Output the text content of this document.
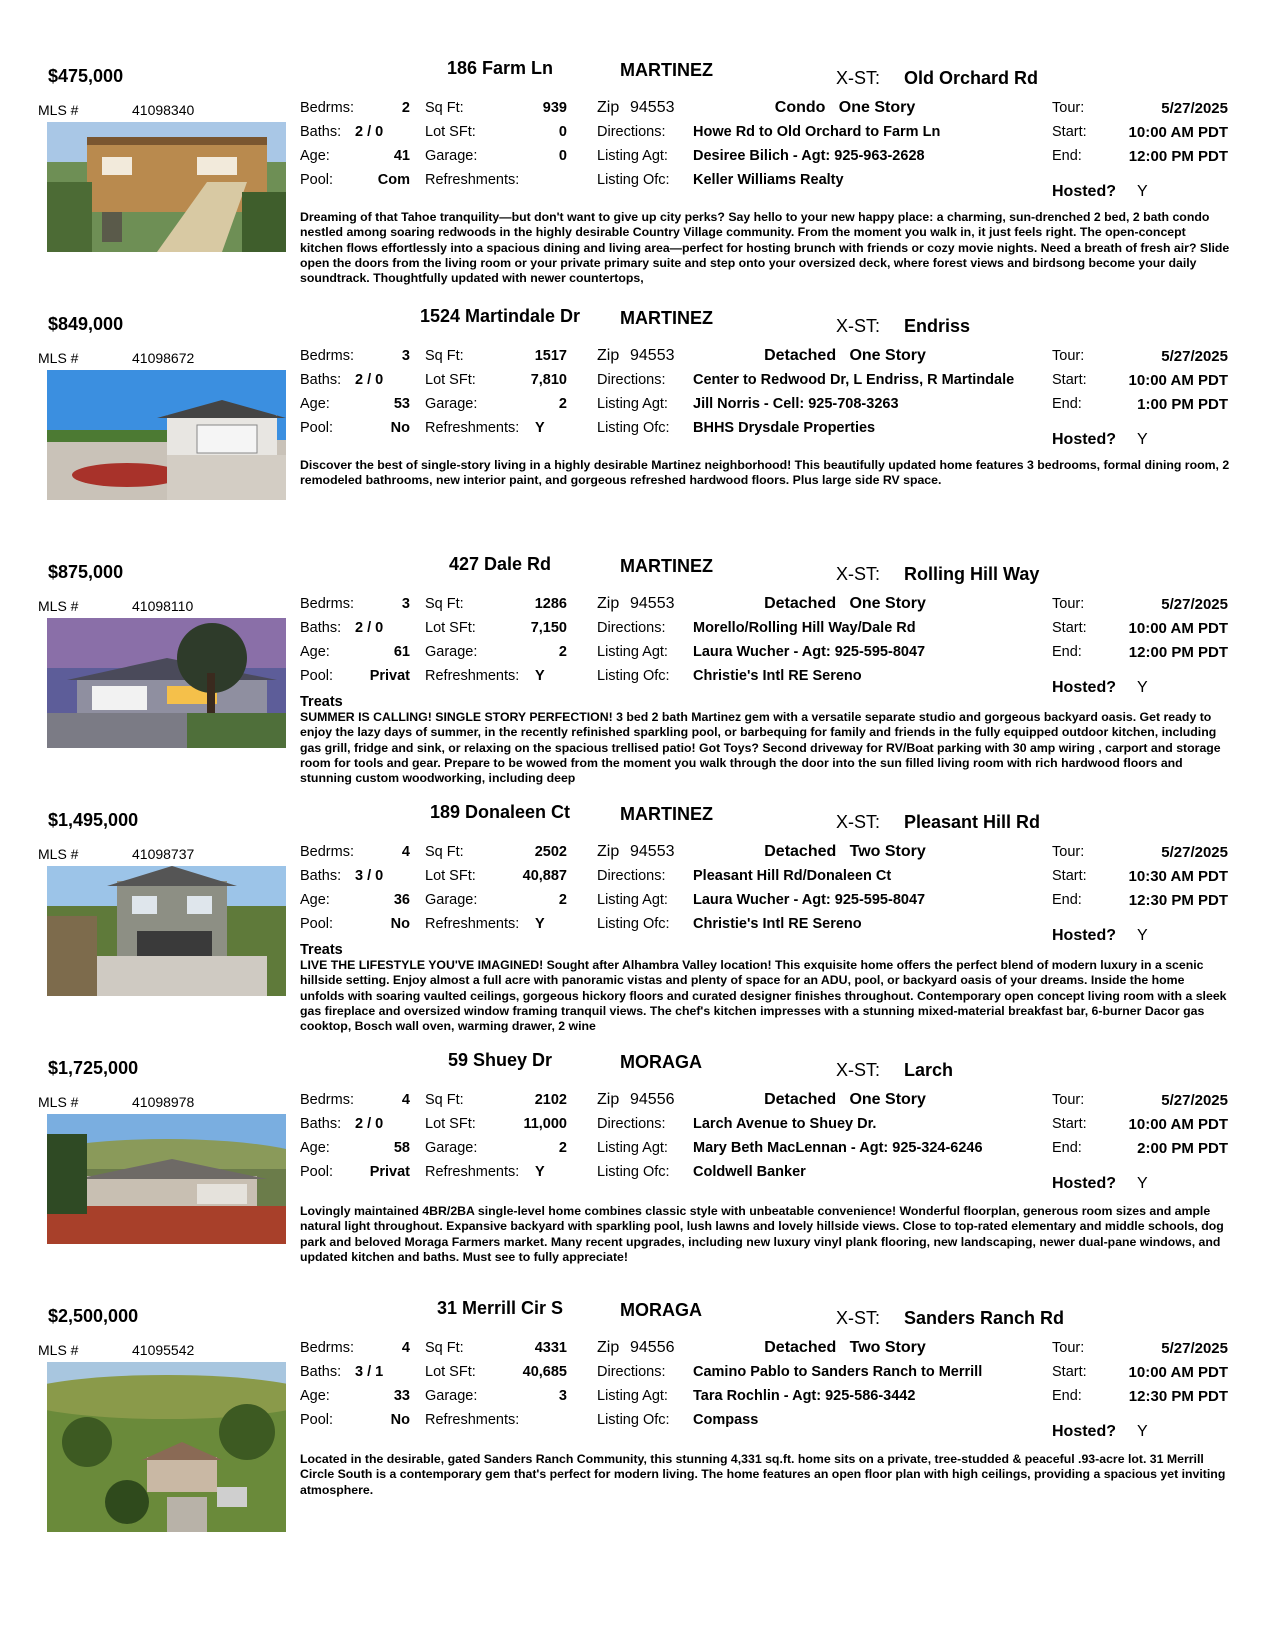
$475,000	186 Farm Ln	MARTINEZ	X-ST: Old Orchard Rd
MLS #	41098340	Bedrms:	2
Baths: 2 / 0
Age:	41
Pool:	Com
Sq Ft:	939
Lot SFt:	0
Garage:	0
Refreshments:
Zip 94553	Condo One Story
Directions: Howe Rd to Old Orchard to Farm Ln
Listing Agt: Desiree Bilich - Agt: 925-963-2628
Listing Ofc: Keller Williams Realty
Tour:	5/27/2025
Start:	10:00 AM PDT
End:	12:00 PM PDT
Hosted? Y
Dreaming of that Tahoe tranquility—but don't want to give up city perks? Say hello to your new happy place: a charming, sun-drenched 2 bed, 2 bath condo nestled among soaring redwoods in the highly desirable Country Village community. From the moment you walk in, it just feels right. The open-concept kitchen flows effortlessly into a spacious dining and living area—perfect for hosting brunch with friends or cozy movie nights. Need a breath of fresh air? Slide open the doors from the living room or your private primary suite and step onto your oversized deck, where forest views and birdsong become your daily soundtrack. Thoughtfully updated with newer countertops,
$849,000	1524 Martindale Dr	MARTINEZ	X-ST: Endriss
MLS #	41098672	Bedrms:	3
Baths: 2 / 0
Age:	53
Pool:	No
Sq Ft:	1517
Lot SFt:	7,810
Garage:	2
Refreshments: Y
Zip 94553	Detached One Story
Directions: Center to Redwood Dr, L Endriss, R Martindale
Listing Agt: Jill Norris - Cell: 925-708-3263
Listing Ofc: BHHS Drysdale Properties
Tour:	5/27/2025
Start:	10:00 AM PDT
End:	1:00 PM PDT
Hosted? Y
Discover the best of single-story living in a highly desirable Martinez neighborhood! This beautifully updated home features 3 bedrooms, formal dining room, 2 remodeled bathrooms, new interior paint, and gorgeous refreshed hardwood floors. Plus large side RV space.
$875,000	427 Dale Rd	MARTINEZ	X-ST: Rolling Hill Way
MLS #	41098110	Bedrms:	3
Baths: 2 / 0
Age:	61
Pool:	Privat
Sq Ft:	1286
Lot SFt:	7,150
Garage:	2
Refreshments: Y
Zip 94553	Detached One Story
Directions: Morello/Rolling Hill Way/Dale Rd
Listing Agt: Laura Wucher - Agt: 925-595-8047
Listing Ofc: Christie's Intl RE Sereno
Tour:	5/27/2025
Start:	10:00 AM PDT
End:	12:00 PM PDT
Hosted? Y
Treats
SUMMER IS CALLING! SINGLE STORY PERFECTION! 3 bed 2 bath Martinez gem with a versatile separate studio and gorgeous backyard oasis. Get ready to enjoy the lazy days of summer, in the recently refinished sparkling pool, or barbequing for family and friends in the fully equipped outdoor kitchen, including gas grill, fridge and sink, or relaxing on the spacious trellised patio! Got Toys? Second driveway for RV/Boat parking with 30 amp wiring , carport and storage room for tools and gear. Prepare to be wowed from the moment you walk through the door into the sun filled living room with rich hardwood floors and stunning custom woodworking, including deep
$1,495,000	189 Donaleen Ct	MARTINEZ	X-ST: Pleasant Hill Rd
MLS #	41098737	Bedrms:	4
Baths: 3 / 0
Age:	36
Pool:	No
Sq Ft:	2502
Lot SFt:	40,887
Garage:	2
Refreshments: Y
Zip 94553	Detached Two Story
Directions: Pleasant Hill Rd/Donaleen Ct
Listing Agt: Laura Wucher - Agt: 925-595-8047
Listing Ofc: Christie's Intl RE Sereno
Tour:	5/27/2025
Start:	10:30 AM PDT
End:	12:30 PM PDT
Hosted? Y
Treats
LIVE THE LIFESTYLE YOU'VE IMAGINED! Sought after Alhambra Valley location! This exquisite home offers the perfect blend of modern luxury in a scenic hillside setting. Enjoy almost a full acre with panoramic vistas and plenty of space for an ADU, pool, or backyard oasis of your dreams. Inside the home unfolds with soaring vaulted ceilings, gorgeous hickory floors and curated designer finishes throughout. Contemporary open concept living room with a sleek gas fireplace and oversized window framing tranquil views. The chef's kitchen impresses with a stunning mixed-material breakfast bar, 6-burner Dacor gas cooktop, Bosch wall oven, warming drawer, 2 wine
$1,725,000	59 Shuey Dr	MORAGA	X-ST: Larch
MLS #	41098978	Bedrms:	4
Baths: 2 / 0
Age:	58
Pool:	Privat
Sq Ft:	2102
Lot SFt:	11,000
Garage:	2
Refreshments: Y
Zip 94556	Detached One Story
Directions: Larch Avenue to Shuey Dr.
Listing Agt: Mary Beth MacLennan - Agt: 925-324-6246
Listing Ofc: Coldwell Banker
Tour:	5/27/2025
Start:	10:00 AM PDT
End:	2:00 PM PDT
Hosted? Y
Lovingly maintained 4BR/2BA single-level home combines classic style with unbeatable convenience! Wonderful floorplan, generous room sizes and ample natural light throughout. Expansive backyard with sparkling pool, lush lawns and lovely hillside views. Close to top-rated elementary and middle schools, dog park and beloved Moraga Farmers market. Many recent upgrades, including new luxury vinyl plank flooring, new landscaping, newer dual-pane windows, and updated kitchen and baths. Must see to fully appreciate!
$2,500,000	31 Merrill Cir S	MORAGA	X-ST: Sanders Ranch Rd
MLS #	41095542	Bedrms:	4
Baths: 3 / 1
Age:	33
Pool:	No
Sq Ft:	4331
Lot SFt:	40,685
Garage:	3
Refreshments:
Zip 94556	Detached Two Story
Directions: Camino Pablo to Sanders Ranch to Merrill
Listing Agt: Tara Rochlin - Agt: 925-586-3442
Listing Ofc: Compass
Tour:	5/27/2025
Start:	10:00 AM PDT
End:	12:30 PM PDT
Hosted? Y
Located in the desirable, gated Sanders Ranch Community, this stunning 4,331 sq.ft. home sits on a private, tree-studded & peaceful .93-acre lot. 31 Merrill Circle South is a contemporary gem that's perfect for modern living. The home features an open floor plan with high ceilings, providing a spacious yet inviting atmosphere.
